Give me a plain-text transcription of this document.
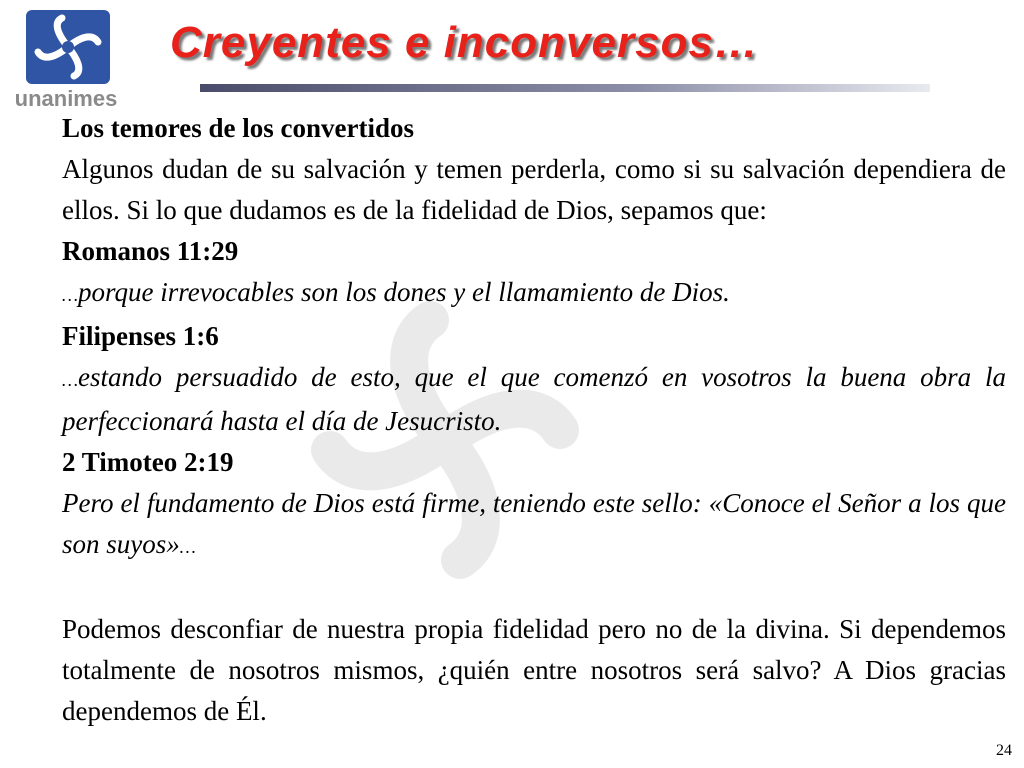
unanimes
Creyentes e inconversos…

Los temores de los convertidos

Algunos dudan de su salvación y temen perderla, como si su salvación dependiera de ellos. Si lo que dudamos es de la fidelidad de Dios, sepamos que:

Romanos 11:29

…porque irrevocables son los dones y el llamamiento de Dios.

Filipenses 1:6

…estando persuadido de esto, que el que comenzó en vosotros la buena obra la perfeccionará hasta el día de Jesucristo.

2 Timoteo 2:19

Pero el fundamento de Dios está firme, teniendo este sello: «Conoce el Señor a los que son suyos»…

Podemos desconfiar de nuestra propia fidelidad pero no de la divina. Si dependemos totalmente de nosotros mismos, ¿quién entre nosotros será salvo? A Dios gracias dependemos de Él.

24
